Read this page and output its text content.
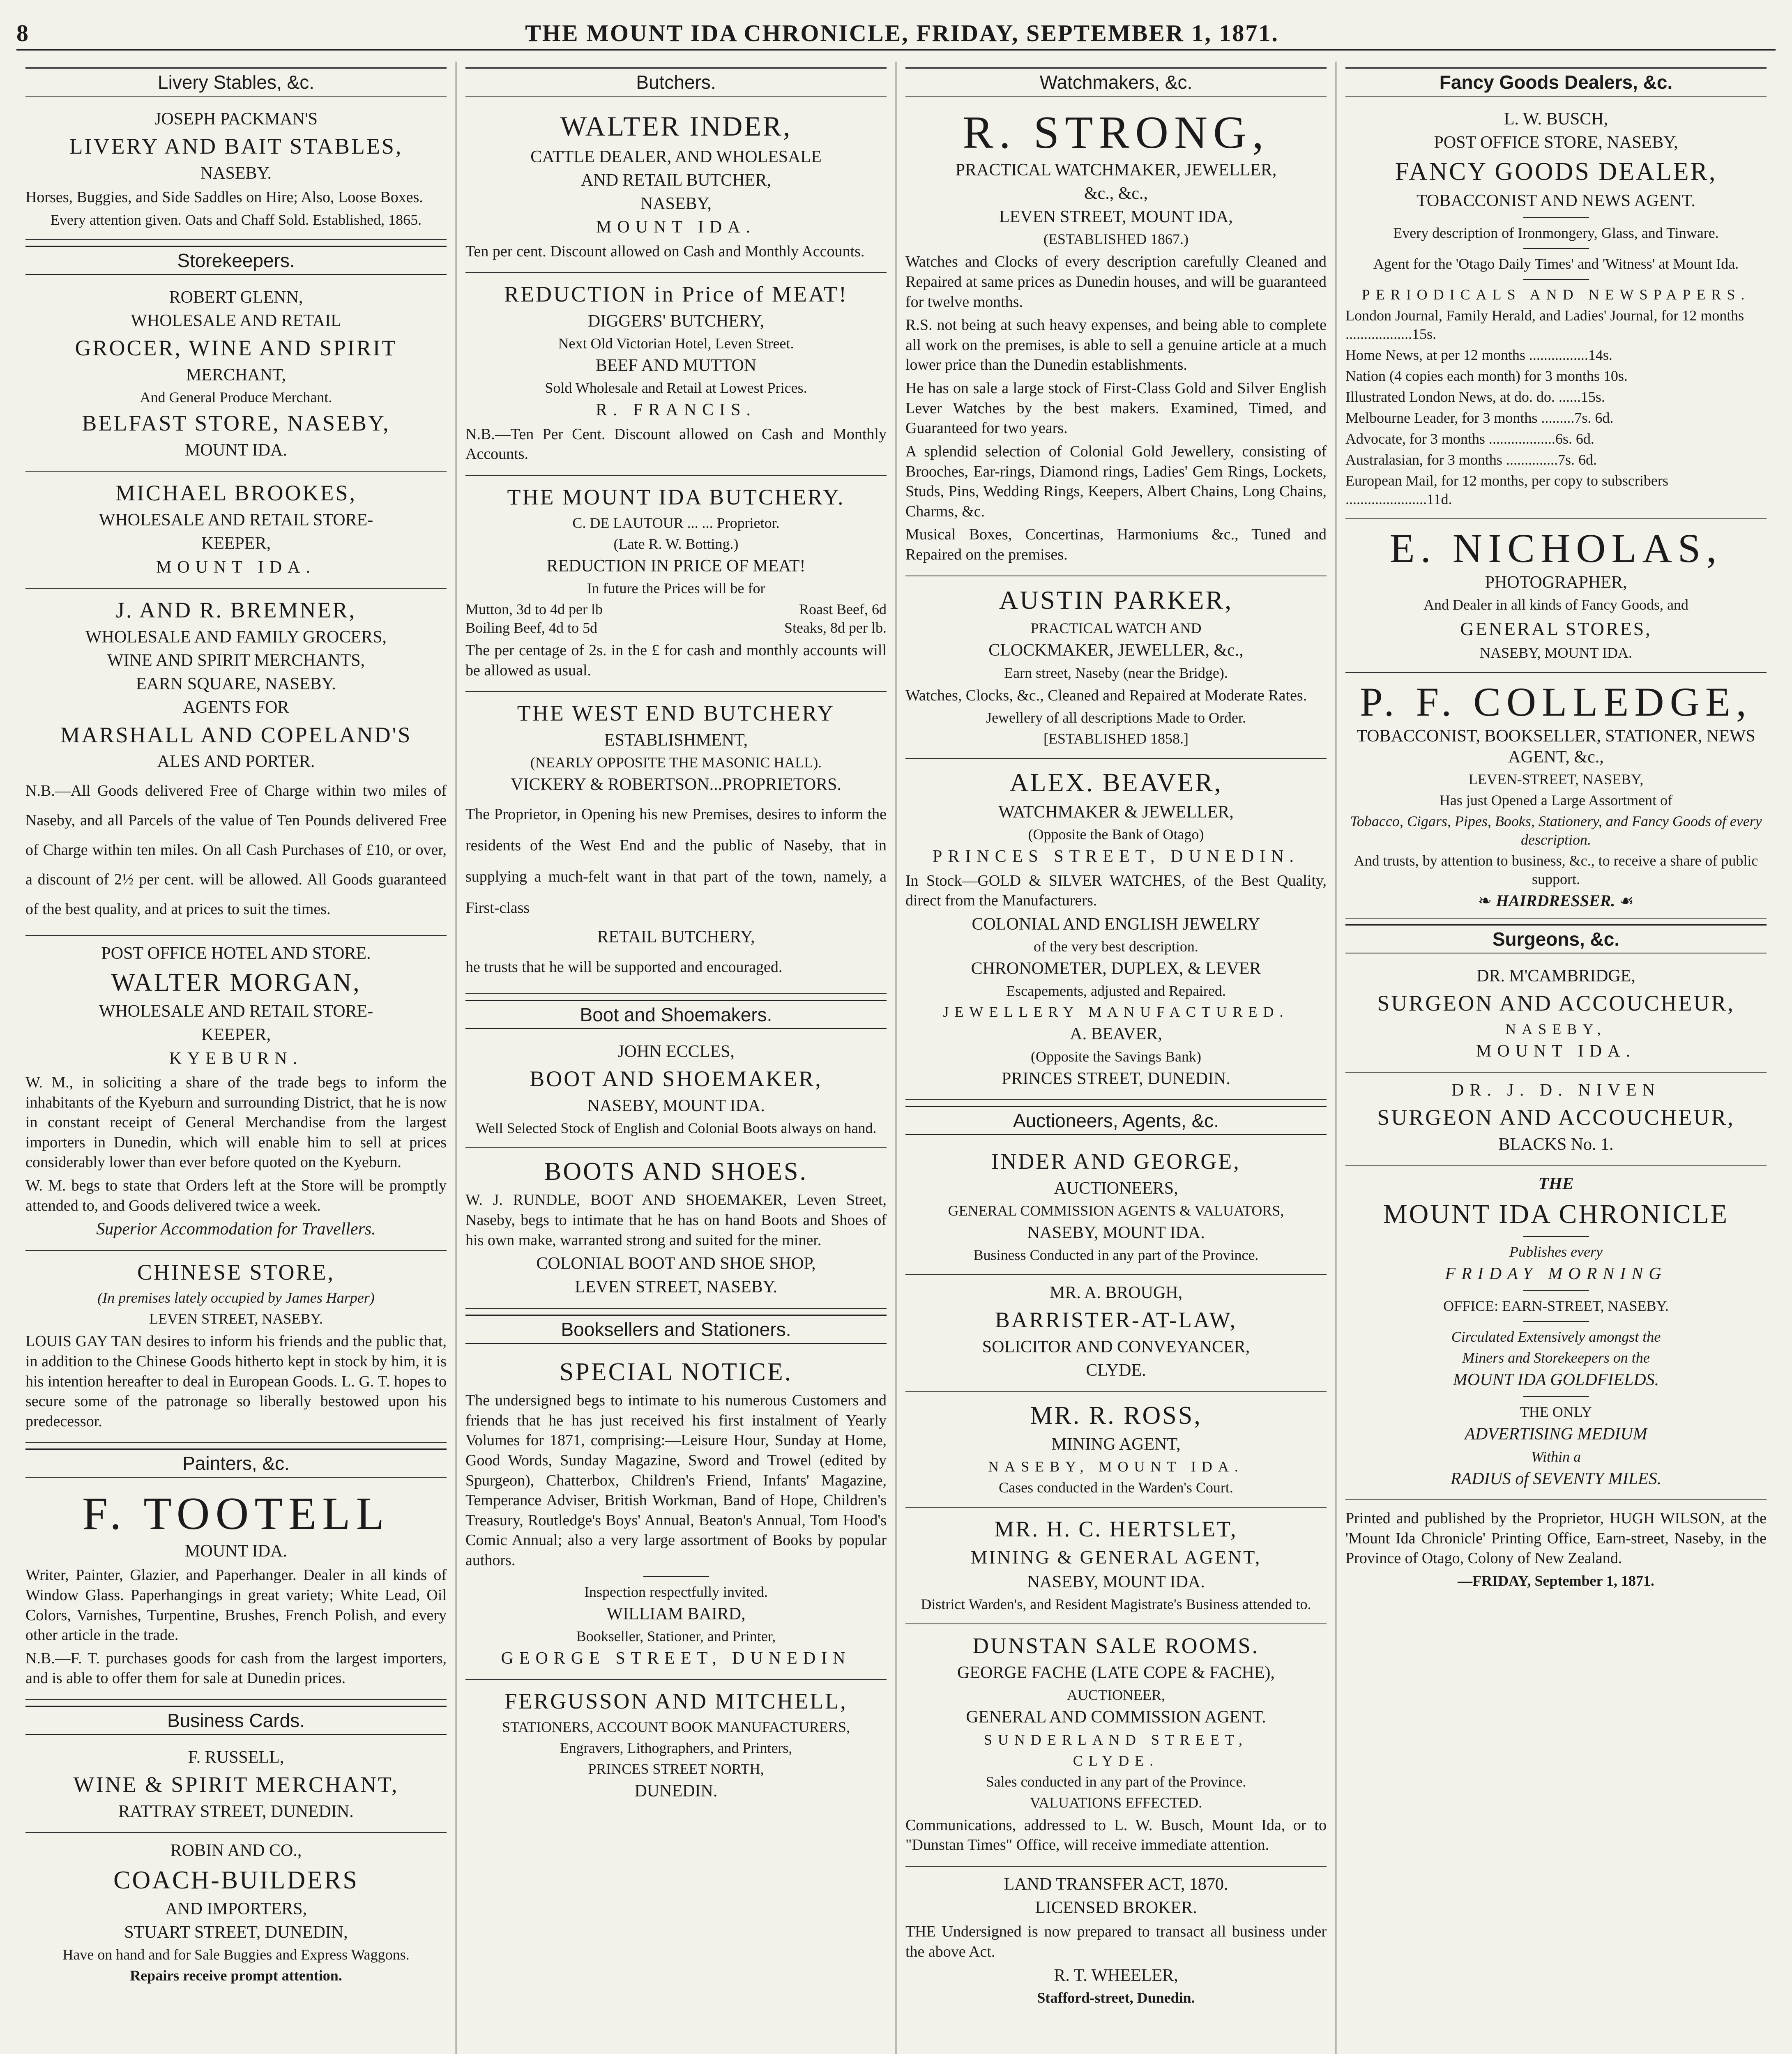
8	THE MOUNT IDA CHRONICLE, FRIDAY, SEPTEMBER 1, 1871.
Livery Stables, &c.
JOSEPH PACKMAN'S
LIVERY AND BAIT STABLES,
NASEBY.
Horses, Buggies, and Side Saddles on Hire; Also, Loose Boxes.
Every attention given. Oats and Chaff Sold. Established, 1865.
Storekeepers.
ROBERT GLENN,
WHOLESALE AND RETAIL
GROCER, WINE AND SPIRIT
MERCHANT,
And General Produce Merchant.
BELFAST STORE, NASEBY,
MOUNT IDA.
MICHAEL BROOKES,
WHOLESALE AND RETAIL STORE-
KEEPER,
MOUNT IDA.
J. AND R. BREMNER,
WHOLESALE AND FAMILY GROCERS,
WINE AND SPIRIT MERCHANTS,
EARN SQUARE, NASEBY.
AGENTS FOR
MARSHALL AND COPELAND'S
ALES AND PORTER.
N.B.—All Goods delivered Free of Charge within two miles of Naseby, and all Parcels of the value of Ten Pounds delivered Free of Charge within ten miles. On all Cash Purchases of £10, or over, a discount of 2½ per cent. will be allowed. All Goods guaranteed of the best quality, and at prices to suit the times.
POST OFFICE HOTEL AND STORE.
WALTER MORGAN,
WHOLESALE AND RETAIL STORE-
KEEPER,
KYEBURN.
W. M., in soliciting a share of the trade begs to inform the inhabitants of the Kyeburn and surrounding District, that he is now in constant receipt of General Merchandise from the largest importers in Dunedin, which will enable him to sell at prices considerably lower than ever before quoted on the Kyeburn.
W. M. begs to state that Orders left at the Store will be promptly attended to, and Goods delivered twice a week.
Superior Accommodation for Travellers.
CHINESE STORE,
(In premises lately occupied by James Harper)
LEVEN STREET, NASEBY.
LOUIS GAY TAN desires to inform his friends and the public that, in addition to the Chinese Goods hitherto kept in stock by him, it is his intention hereafter to deal in European Goods. L. G. T. hopes to secure some of the patronage so liberally bestowed upon his predecessor.
Painters, &c.
F. TOOTELL
MOUNT IDA.
Writer, Painter, Glazier, and Paperhanger. Dealer in all kinds of Window Glass. Paperhangings in great variety; White Lead, Oil Colors, Varnishes, Turpentine, Brushes, French Polish, and every other article in the trade.
N.B.—F. T. purchases goods for cash from the largest importers, and is able to offer them for sale at Dunedin prices.
Business Cards.
F. RUSSELL,
WINE & SPIRIT MERCHANT,
RATTRAY STREET, DUNEDIN.
ROBIN AND CO.,
COACH-BUILDERS
AND IMPORTERS,
STUART STREET, DUNEDIN,
Have on hand and for Sale Buggies and Express Waggons.
Repairs receive prompt attention.
Butchers.
WALTER INDER,
CATTLE DEALER, AND WHOLESALE
AND RETAIL BUTCHER,
NASEBY,
MOUNT IDA.
Ten per cent. Discount allowed on Cash and Monthly Accounts.
REDUCTION in Price of MEAT!
DIGGERS' BUTCHERY,
Next Old Victorian Hotel, Leven Street.
BEEF AND MUTTON
Sold Wholesale and Retail at Lowest Prices.
R. FRANCIS.
N.B.—Ten Per Cent. Discount allowed on Cash and Monthly Accounts.
THE MOUNT IDA BUTCHERY.
C. DE LAUTOUR ... ... Proprietor.
(Late R. W. Botting.)
REDUCTION IN PRICE OF MEAT!
In future the Prices will be for
Mutton, 3d to 4d per lb	Roast Beef, 6d
Boiling Beef, 4d to 5d	Steaks, 8d per lb.
The per centage of 2s. in the £ for cash and monthly accounts will be allowed as usual.
THE WEST END BUTCHERY
ESTABLISHMENT,
(NEARLY OPPOSITE THE MASONIC HALL).
VICKERY & ROBERTSON...PROPRIETORS.
The Proprietor, in Opening his new Premises, desires to inform the residents of the West End and the public of Naseby, that in supplying a much-felt want in that part of the town, namely, a First-class
RETAIL BUTCHERY,
he trusts that he will be supported and encouraged.
Boot and Shoemakers.
JOHN ECCLES,
BOOT AND SHOEMAKER,
NASEBY, MOUNT IDA.
Well Selected Stock of English and Colonial Boots always on hand.
BOOTS AND SHOES.
W. J. RUNDLE, BOOT AND SHOEMAKER, Leven Street, Naseby, begs to intimate that he has on hand Boots and Shoes of his own make, warranted strong and suited for the miner.
COLONIAL BOOT AND SHOE SHOP,
LEVEN STREET, NASEBY.
Booksellers and Stationers.
SPECIAL NOTICE.
The undersigned begs to intimate to his numerous Customers and friends that he has just received his first instalment of Yearly Volumes for 1871, comprising:—Leisure Hour, Sunday at Home, Good Words, Sunday Magazine, Sword and Trowel (edited by Spurgeon), Chatterbox, Children's Friend, Infants' Magazine, Temperance Adviser, British Workman, Band of Hope, Children's Treasury, Routledge's Boys' Annual, Beaton's Annual, Tom Hood's Comic Annual; also a very large assortment of Books by popular authors.
Inspection respectfully invited.
WILLIAM BAIRD,
Bookseller, Stationer, and Printer,
GEORGE STREET, DUNEDIN
FERGUSSON AND MITCHELL,
STATIONERS, ACCOUNT BOOK MANUFACTURERS,
Engravers, Lithographers, and Printers,
PRINCES STREET NORTH,
DUNEDIN.
Watchmakers, &c.
R. STRONG,
PRACTICAL WATCHMAKER, JEWELLER,
&c., &c.,
LEVEN STREET, MOUNT IDA,
(ESTABLISHED 1867.)
Watches and Clocks of every description carefully Cleaned and Repaired at same prices as Dunedin houses, and will be guaranteed for twelve months.
R.S. not being at such heavy expenses, and being able to complete all work on the premises, is able to sell a genuine article at a much lower price than the Dunedin establishments.
He has on sale a large stock of First-Class Gold and Silver English Lever Watches by the best makers. Examined, Timed, and Guaranteed for two years.
A splendid selection of Colonial Gold Jewellery, consisting of Brooches, Ear-rings, Diamond rings, Ladies' Gem Rings, Lockets, Studs, Pins, Wedding Rings, Keepers, Albert Chains, Long Chains, Charms, &c.
Musical Boxes, Concertinas, Harmoniums &c., Tuned and Repaired on the premises.
AUSTIN PARKER,
PRACTICAL WATCH AND
CLOCKMAKER, JEWELLER, &c.,
Earn street, Naseby (near the Bridge).
Watches, Clocks, &c., Cleaned and Repaired at Moderate Rates.
Jewellery of all descriptions Made to Order.
[ESTABLISHED 1858.]
ALEX. BEAVER,
WATCHMAKER & JEWELLER,
(Opposite the Bank of Otago)
PRINCES STREET, DUNEDIN.
In Stock—GOLD & SILVER WATCHES, of the Best Quality, direct from the Manufacturers.
COLONIAL AND ENGLISH JEWELRY
of the very best description.
CHRONOMETER, DUPLEX, & LEVER
Escapements, adjusted and Repaired.
JEWELLERY MANUFACTURED.
A. BEAVER,
(Opposite the Savings Bank)
PRINCES STREET, DUNEDIN.
Auctioneers, Agents, &c.
INDER AND GEORGE,
AUCTIONEERS,
GENERAL COMMISSION AGENTS & VALUATORS,
NASEBY, MOUNT IDA.
Business Conducted in any part of the Province.
MR. A. BROUGH,
BARRISTER-AT-LAW,
SOLICITOR AND CONVEYANCER,
CLYDE.
MR. R. ROSS,
MINING AGENT,
NASEBY, MOUNT IDA.
Cases conducted in the Warden's Court.
MR. H. C. HERTSLET,
MINING & GENERAL AGENT,
NASEBY, MOUNT IDA.
District Warden's, and Resident Magistrate's Business attended to.
DUNSTAN SALE ROOMS.
GEORGE FACHE (LATE COPE & FACHE),
AUCTIONEER,
GENERAL AND COMMISSION AGENT.
SUNDERLAND STREET,
CLYDE.
Sales conducted in any part of the Province.
VALUATIONS EFFECTED.
Communications, addressed to L. W. Busch, Mount Ida, or to "Dunstan Times" Office, will receive immediate attention.
LAND TRANSFER ACT, 1870.
LICENSED BROKER.
THE Undersigned is now prepared to transact all business under the above Act.
R. T. WHEELER,
Stafford-street, Dunedin.
Fancy Goods Dealers, &c.
L. W. BUSCH,
POST OFFICE STORE, NASEBY,
FANCY GOODS DEALER,
TOBACCONIST AND NEWS AGENT.
Every description of Ironmongery, Glass, and Tinware.
Agent for the 'Otago Daily Times' and 'Witness' at Mount Ida.
PERIODICALS AND NEWSPAPERS.
London Journal, Family Herald, and Ladies' Journal, for 12 months ..................15s.
Home News, at per 12 months ................14s.
Nation (4 copies each month) for 3 months 10s.
Illustrated London News, at do. do. ......15s.
Melbourne Leader, for 3 months .........7s. 6d.
Advocate, for 3 months ..................6s. 6d.
Australasian, for 3 months ..............7s. 6d.
European Mail, for 12 months, per copy to subscribers ......................11d.
E. NICHOLAS,
PHOTOGRAPHER,
And Dealer in all kinds of Fancy Goods, and
GENERAL STORES,
NASEBY, MOUNT IDA.
P. F. COLLEDGE,
TOBACCONIST, BOOKSELLER, STATIONER, NEWS AGENT, &c.,
LEVEN-STREET, NASEBY,
Has just Opened a Large Assortment of
Tobacco, Cigars, Pipes, Books, Stationery, and Fancy Goods of every description.
And trusts, by attention to business, &c., to receive a share of public support.
❧ HAIRDRESSER. ☙
Surgeons, &c.
DR. M'CAMBRIDGE,
SURGEON AND ACCOUCHEUR,
NASEBY,
MOUNT IDA.
DR. J. D. NIVEN
SURGEON AND ACCOUCHEUR,
BLACKS No. 1.
THE
MOUNT IDA CHRONICLE
Publishes every
FRIDAY MORNING
OFFICE: EARN-STREET, NASEBY.
Circulated Extensively amongst the
Miners and Storekeepers on the
MOUNT IDA GOLDFIELDS.
THE ONLY
ADVERTISING MEDIUM
Within a
RADIUS of SEVENTY MILES.
Printed and published by the Proprietor, HUGH WILSON, at the 'Mount Ida Chronicle' Printing Office, Earn-street, Naseby, in the Province of Otago, Colony of New Zealand.
—FRIDAY, September 1, 1871.
